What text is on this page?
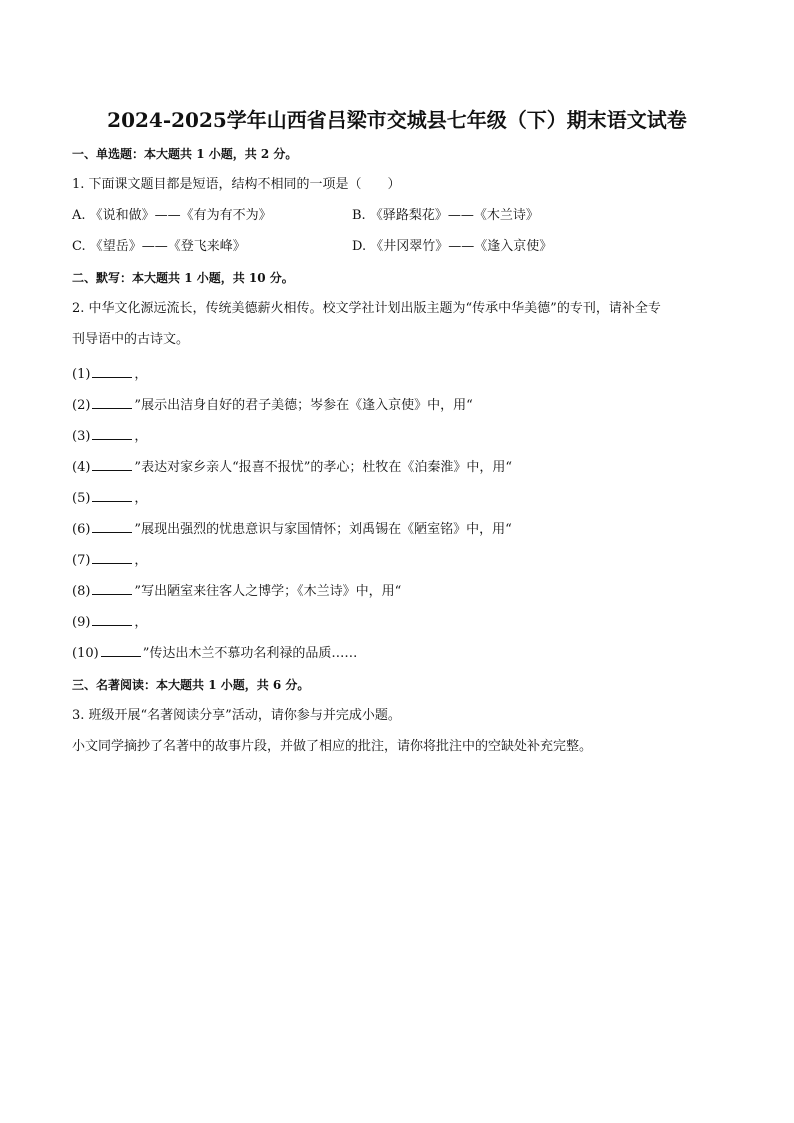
2024-2025学年山西省吕梁市交城县七年级（下）期末语文试卷
一、单选题：本大题共 1 小题，共 2 分。
1. 下面课文题目都是短语，结构不相同的一项是（　　）
A. 《说和做》——《有为有不为》	B. 《驿路梨花》——《木兰诗》
C. 《望岳》——《登飞来峰》	D. 《井冈翠竹》——《逢入京使》
二、默写：本大题共 1 小题，共 10 分。
2. 中华文化源远流长，传统美德薪火相传。校文学社计划出版主题为“传承中华美德”的专刊，请补全专
刊导语中的古诗文。
(1)	，
(2)	”展示出洁身自好的君子美德；岑参在《逢入京使》中，用“
(3)	，
(4)	”表达对家乡亲人“报喜不报忧”的孝心；杜牧在《泊秦淮》中，用“
(5)	，
(6)	”展现出强烈的忧患意识与家国情怀；刘禹锡在《陋室铭》中，用“
(7)	，
(8)	”写出陋室来往客人之博学；《木兰诗》中，用“
(9)	，
(10)	”传达出木兰不慕功名利禄的品质……
三、名著阅读：本大题共 1 小题，共 6 分。
3. 班级开展“名著阅读分享”活动，请你参与并完成小题。
小文同学摘抄了名著中的故事片段，并做了相应的批注，请你将批注中的空缺处补充完整。
